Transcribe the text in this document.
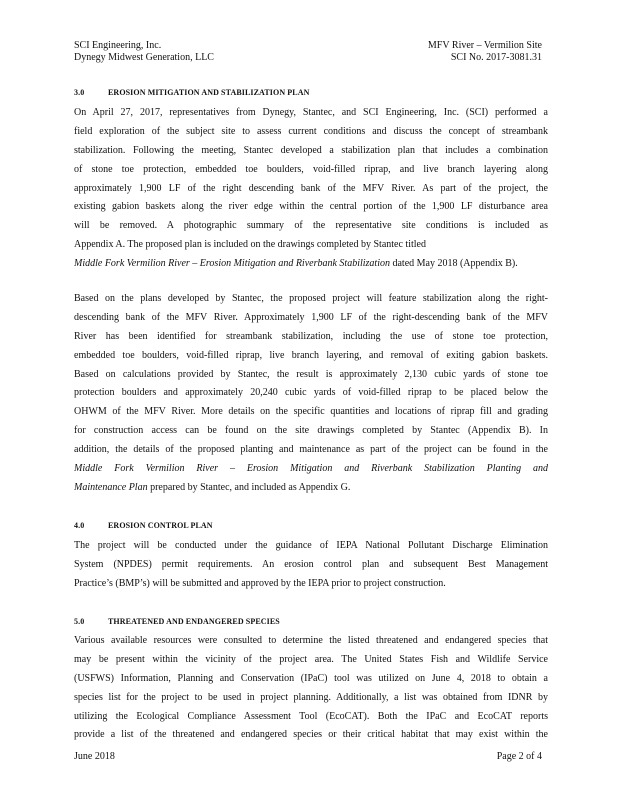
SCI Engineering, Inc.
Dynegy Midwest Generation, LLC
MFV River – Vermilion Site
SCI No. 2017-3081.31
3.0	EROSION MITIGATION AND STABILIZATION PLAN
On April 27, 2017, representatives from Dynegy, Stantec, and SCI Engineering, Inc. (SCI) performed a
field exploration of the subject site to assess current conditions and discuss the concept of streambank
stabilization. Following the meeting, Stantec developed a stabilization plan that includes a combination
of stone toe protection, embedded toe boulders, void-filled riprap, and live branch layering along
approximately 1,900 LF of the right descending bank of the MFV River. As part of the project, the
existing gabion baskets along the river edge within the central portion of the 1,900 LF disturbance area
will be removed. A photographic summary of the representative site conditions is included as
Appendix A. The proposed plan is included on the drawings completed by Stantec titled
Middle Fork Vermilion River – Erosion Mitigation and Riverbank Stabilization dated May 2018 (Appendix B).
Based on the plans developed by Stantec, the proposed project will feature stabilization along the right-
descending bank of the MFV River. Approximately 1,900 LF of the right-descending bank of the MFV
River has been identified for streambank stabilization, including the use of stone toe protection,
embedded toe boulders, void-filled riprap, live branch layering, and removal of exiting gabion baskets.
Based on calculations provided by Stantec, the result is approximately 2,130 cubic yards of stone toe
protection boulders and approximately 20,240 cubic yards of void-filled riprap to be placed below the
OHWM of the MFV River. More details on the specific quantities and locations of riprap fill and grading
for construction access can be found on the site drawings completed by Stantec (Appendix B). In
addition, the details of the proposed planting and maintenance as part of the project can be found in the
Middle Fork Vermilion River – Erosion Mitigation and Riverbank Stabilization Planting and
Maintenance Plan prepared by Stantec, and included as Appendix G.
4.0	EROSION CONTROL PLAN
The project will be conducted under the guidance of IEPA National Pollutant Discharge Elimination
System (NPDES) permit requirements. An erosion control plan and subsequent Best Management
Practice’s (BMP’s) will be submitted and approved by the IEPA prior to project construction.
5.0	THREATENED AND ENDANGERED SPECIES
Various available resources were consulted to determine the listed threatened and endangered species that
may be present within the vicinity of the project area. The United States Fish and Wildlife Service
(USFWS) Information, Planning and Conservation (IPaC) tool was utilized on June 4, 2018 to obtain a
species list for the project to be used in project planning. Additionally, a list was obtained from IDNR by
utilizing the Ecological Compliance Assessment Tool (EcoCAT). Both the IPaC and EcoCAT reports
provide a list of the threatened and endangered species or their critical habitat that may exist within the
June 2018	Page 2 of 4
